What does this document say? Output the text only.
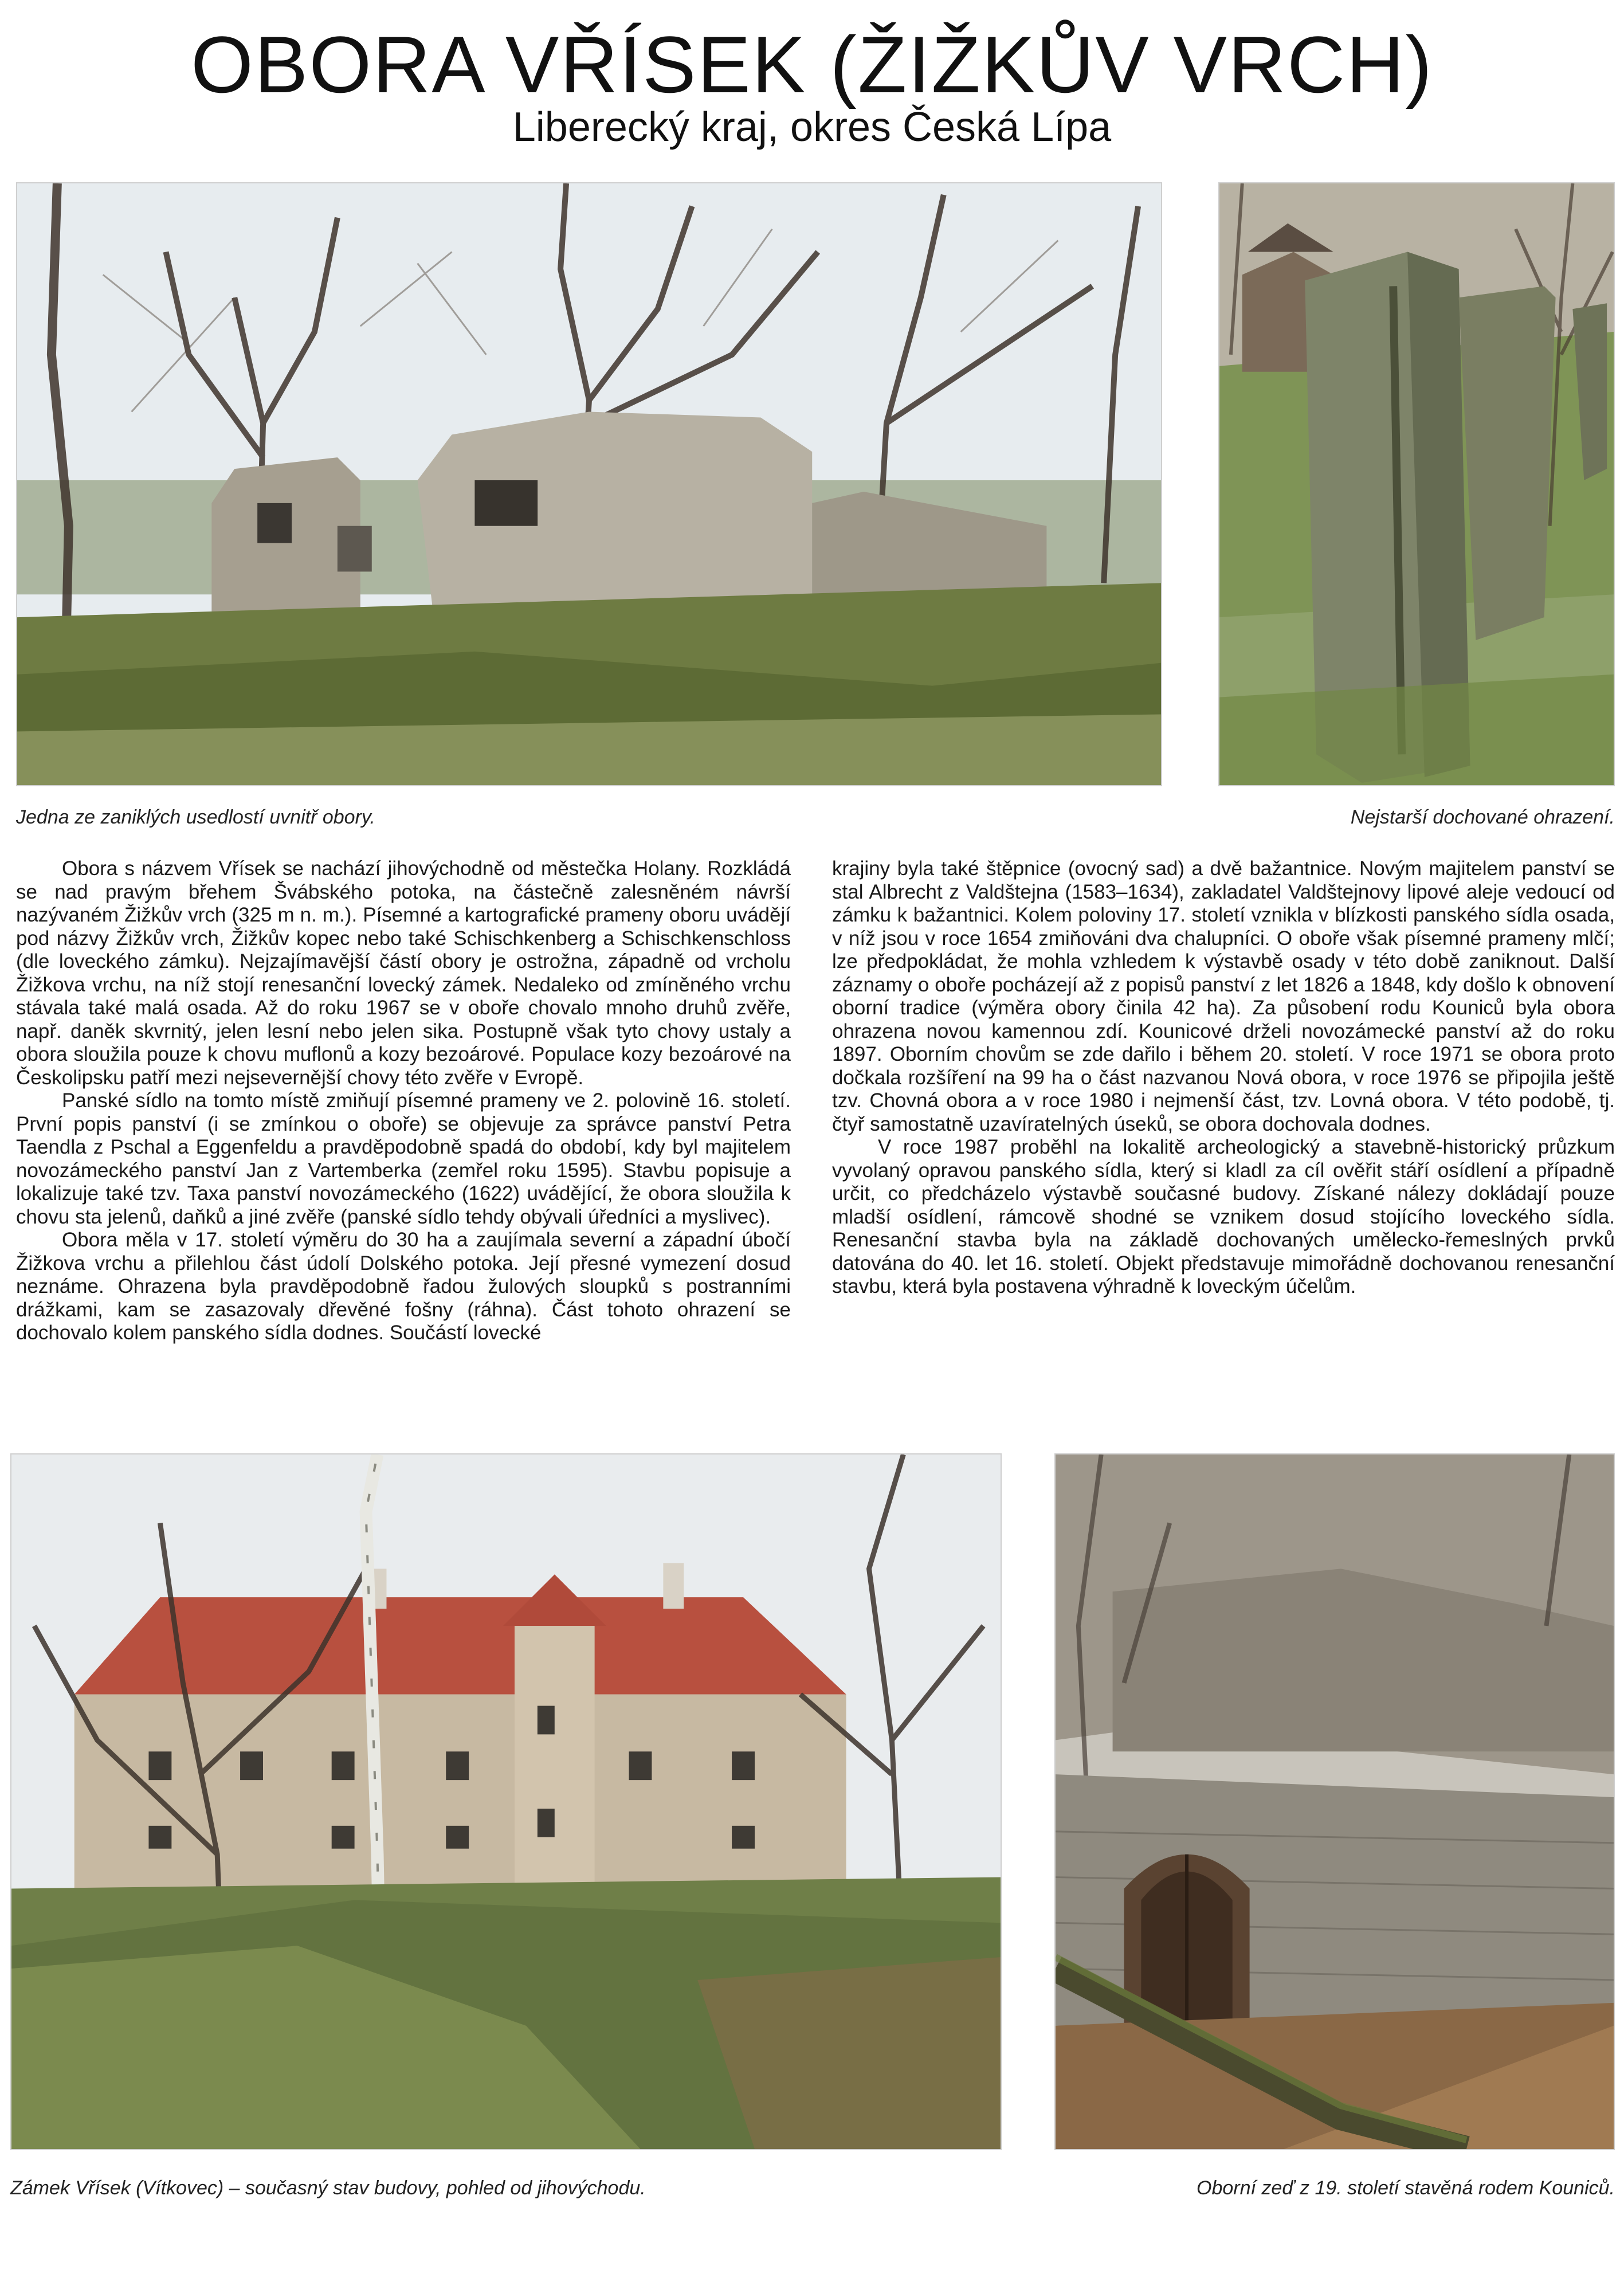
OBORA VŘÍSEK (ŽIŽKŮV VRCH)
Liberecký kraj, okres Česká Lípa
Jedna ze zaniklých usedlostí uvnitř obory.	Nejstarší dochované ohrazení.

Obora s názvem Vřísek se nachází jihovýchodně od městečka Holany. Rozkládá se nad pravým břehem Švábského potoka, na částečně zalesněném návrší nazývaném Žižkův vrch (325 m n. m.). Písemné a kartografické prameny oboru uvádějí pod názvy Žižkův vrch, Žižkův kopec nebo také Schischkenberg a Schischkenschloss (dle loveckého zámku). Nejzajímavější částí obory je ostrožna, západně od vrcholu Žižkova vrchu, na níž stojí renesanční lovecký zámek. Nedaleko od zmíněného vrchu stávala také malá osada. Až do roku 1967 se v oboře chovalo mnoho druhů zvěře, např. daněk skvrnitý, jelen lesní nebo jelen sika. Postupně však tyto chovy ustaly a obora sloužila pouze k chovu muflonů a kozy bezoárové. Populace kozy bezoárové na Českolipsku patří mezi nejsevernější chovy této zvěře v Evropě.

Panské sídlo na tomto místě zmiňují písemné prameny ve 2. polovině 16. století. První popis panství (i se zmínkou o oboře) se objevuje za správce panství Petra Taendla z Pschal a Eggenfeldu a pravděpodobně spadá do období, kdy byl majitelem novozámeckého panství Jan z Vartemberka (zemřel roku 1595). Stavbu popisuje a lokalizuje také tzv. Taxa panství novozámeckého (1622) uvádějící, že obora sloužila k chovu sta jelenů, daňků a jiné zvěře (panské sídlo tehdy obývali úředníci a myslivec).

Obora měla v 17. století výměru do 30 ha a zaujímala severní a západní úbočí Žižkova vrchu a přilehlou část údolí Dolského potoka. Její přesné vymezení dosud neznáme. Ohrazena byla pravděpodobně řadou žulových sloupků s postranními drážkami, kam se zasazovaly dřevěné fošny (ráhna). Část tohoto ohrazení se dochovalo kolem panského sídla dodnes. Součástí lovecké

krajiny byla také štěpnice (ovocný sad) a dvě bažantnice. Novým majitelem panství se stal Albrecht z Valdštejna (1583–1634), zakladatel Valdštejnovy lipové aleje vedoucí od zámku k bažantnici. Kolem poloviny 17. století vznikla v blízkosti panského sídla osada, v níž jsou v roce 1654 zmiňováni dva chalupníci. O oboře však písemné prameny mlčí; lze předpokládat, že mohla vzhledem k výstavbě osady v této době zaniknout. Další záznamy o oboře pocházejí až z popisů panství z let 1826 a 1848, kdy došlo k obnovení oborní tradice (výměra obory činila 42 ha). Za působení rodu Kouniců byla obora ohrazena novou kamennou zdí. Kounicové drželi novozámecké panství až do roku 1897. Oborním chovům se zde dařilo i během 20. století. V roce 1971 se obora proto dočkala rozšíření na 99 ha o část nazvanou Nová obora, v roce 1976 se připojila ještě tzv. Chovná obora a v roce 1980 i nejmenší část, tzv. Lovná obora. V této podobě, tj. čtyř samostatně uzavíratelných úseků, se obora dochovala dodnes.

V roce 1987 proběhl na lokalitě archeologický a stavebně-historický průzkum vyvolaný opravou panského sídla, který si kladl za cíl ověřit stáří osídlení a případně určit, co předcházelo výstavbě současné budovy. Získané nálezy dokládají pouze mladší osídlení, rámcově shodné se vznikem dosud stojícího loveckého sídla. Renesanční stavba byla na základě dochovaných umělecko-řemeslných prvků datována do 40. let 16. století. Objekt představuje mimořádně dochovanou renesanční stavbu, která byla postavena výhradně k loveckým účelům.

Zámek Vřísek (Vítkovec) – současný stav budovy, pohled od jihovýchodu.	Oborní zeď z 19. století stavěná rodem Kouniců.
